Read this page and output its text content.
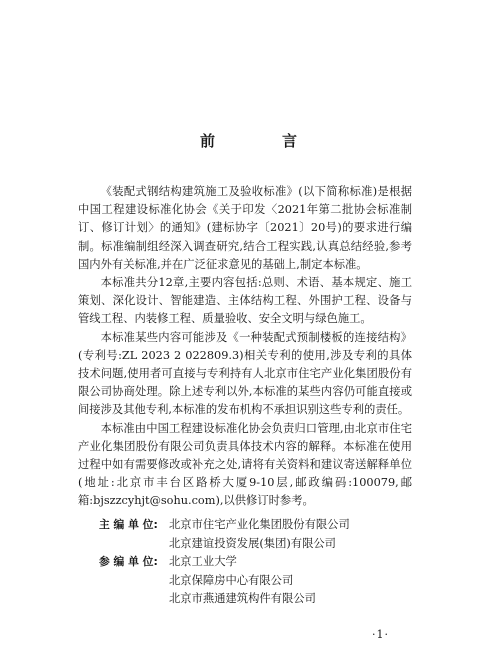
前　言

《装配式钢结构建筑施工及验收标准》(以下简称标准)是根据中国工程建设标准化协会《关于印发〈2021年第二批协会标准制订、修订计划〉的通知》(建标协字〔2021〕20号)的要求进行编制。标准编制组经深入调查研究,结合工程实践,认真总结经验,参考国内外有关标准,并在广泛征求意见的基础上,制定本标准。

本标准共分12章,主要内容包括:总则、术语、基本规定、施工策划、深化设计、智能建造、主体结构工程、外围护工程、设备与管线工程、内装修工程、质量验收、安全文明与绿色施工。

本标准某些内容可能涉及《一种装配式预制楼板的连接结构》(专利号:ZL 2023 2 022809.3)相关专利的使用,涉及专利的具体技术问题,使用者可直接与专利持有人北京市住宅产业化集团股份有限公司协商处理。除上述专利以外,本标准的某些内容仍可能直接或间接涉及其他专利,本标准的发布机构不承担识别这些专利的责任。

本标准由中国工程建设标准化协会负责归口管理,由北京市住宅产业化集团股份有限公司负责具体技术内容的解释。本标准在使用过程中如有需要修改或补充之处,请将有关资料和建议寄送解释单位(地址:北京市丰台区路桥大厦9-10层,邮政编码:100079,邮箱:bjszzcyhjt@sohu.com),以供修订时参考。

主 编 单 位: 北京市住宅产业化集团股份有限公司
北京建谊投资发展(集团)有限公司
参 编 单 位: 北京工业大学
北京保障房中心有限公司
北京市燕通建筑构件有限公司
·1·
